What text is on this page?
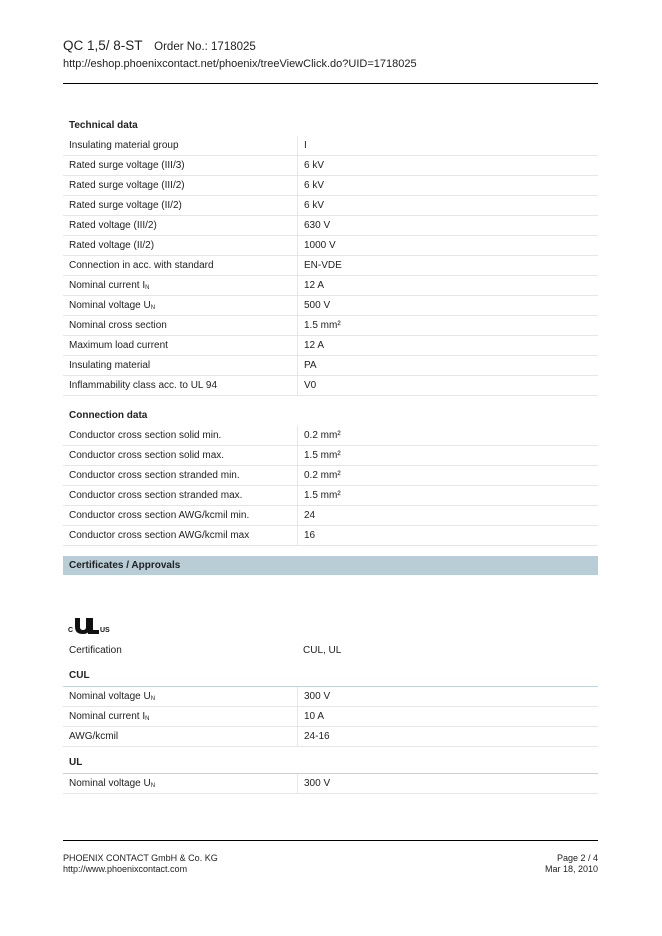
QC 1,5/ 8-ST Order No.: 1718025
http://eshop.phoenixcontact.net/phoenix/treeViewClick.do?UID=1718025
Technical data
Insulating material group	I
Rated surge voltage (III/3)	6 kV
Rated surge voltage (III/2)	6 kV
Rated surge voltage (II/2)	6 kV
Rated voltage (III/2)	630 V
Rated voltage (II/2)	1000 V
Connection in acc. with standard	EN-VDE
Nominal current IN	12 A
Nominal voltage UN	500 V
Nominal cross section	1.5 mm²
Maximum load current	12 A
Insulating material	PA
Inflammability class acc. to UL 94	V0
Connection data
Conductor cross section solid min.	0.2 mm²
Conductor cross section solid max.	1.5 mm²
Conductor cross section stranded min.	0.2 mm²
Conductor cross section stranded max.	1.5 mm²
Conductor cross section AWG/kcmil min.	24
Conductor cross section AWG/kcmil max	16
Certificates / Approvals
C	US
Certification	CUL, UL
CUL
Nominal voltage UN	300 V
Nominal current IN	10 A
AWG/kcmil	24-16
UL
Nominal voltage UN	300 V
PHOENIX CONTACT GmbH & Co. KG
http://www.phoenixcontact.com
Page 2 / 4
Mar 18, 2010
